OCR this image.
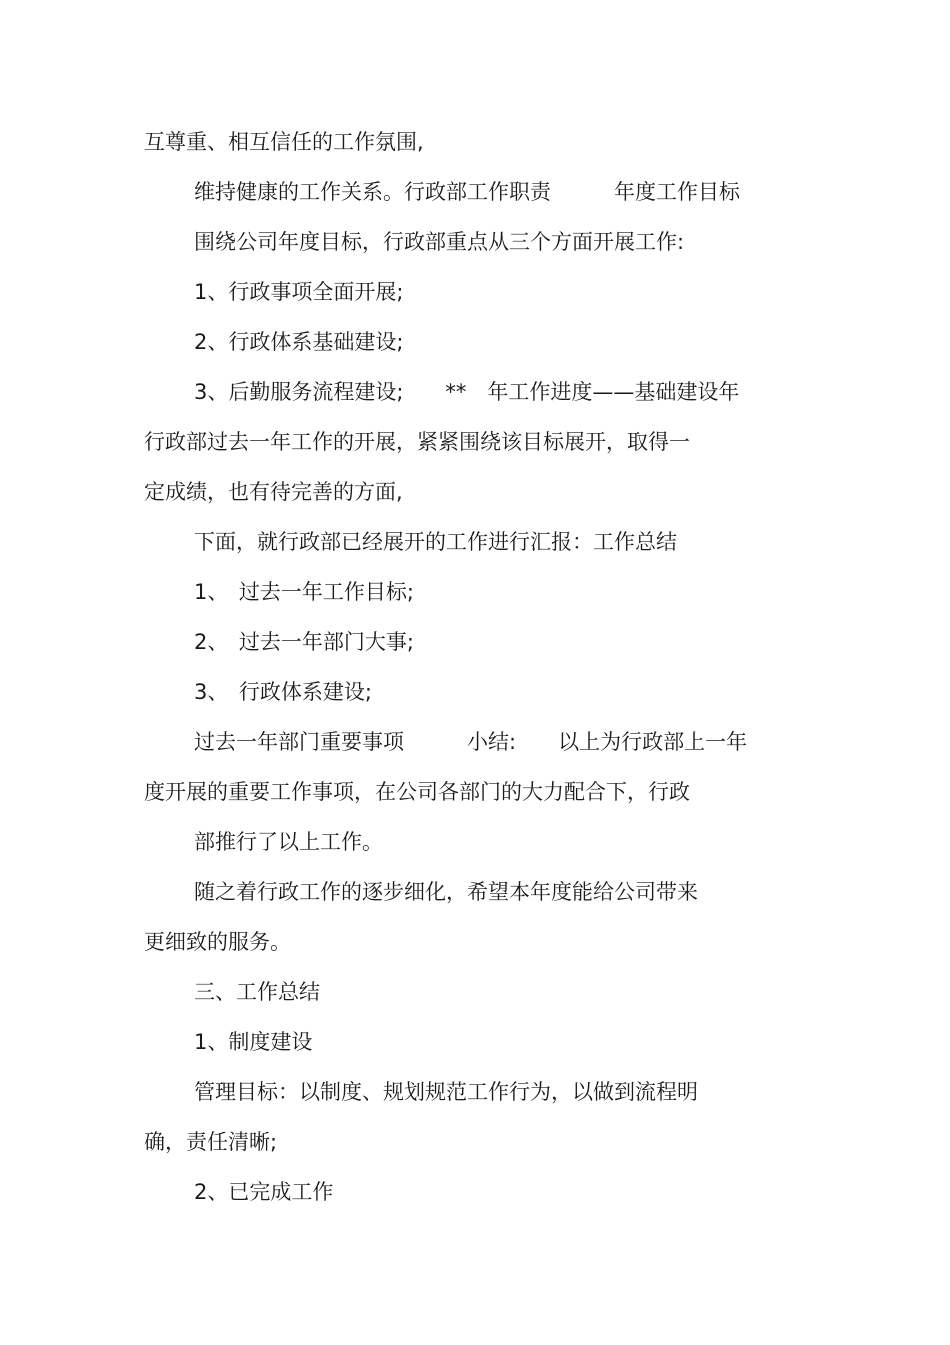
互尊重、相互信任的工作氛围,

维持健康的工作关系。行政部工作职责　　　年度工作目标

围绕公司年度目标，行政部重点从三个方面开展工作:

1、行政事项全面开展;

2、行政体系基础建设;

3、后勤服务流程建设;　　**　年工作进度——基础建设年

行政部过去一年工作的开展，紧紧围绕该目标展开，取得一

定成绩，也有待完善的方面,

下面，就行政部已经展开的工作进行汇报：工作总结

1、　过去一年工作目标;

2、　过去一年部门大事;

3、　行政体系建设;

过去一年部门重要事项　　　小结:　　以上为行政部上一年

度开展的重要工作事项，在公司各部门的大力配合下，行政

部推行了以上工作。

随之着行政工作的逐步细化，希望本年度能给公司带来

更细致的服务。

三、工作总结

1、制度建设

管理目标：以制度、规划规范工作行为，以做到流程明

确，责任清晰;

2、已完成工作
